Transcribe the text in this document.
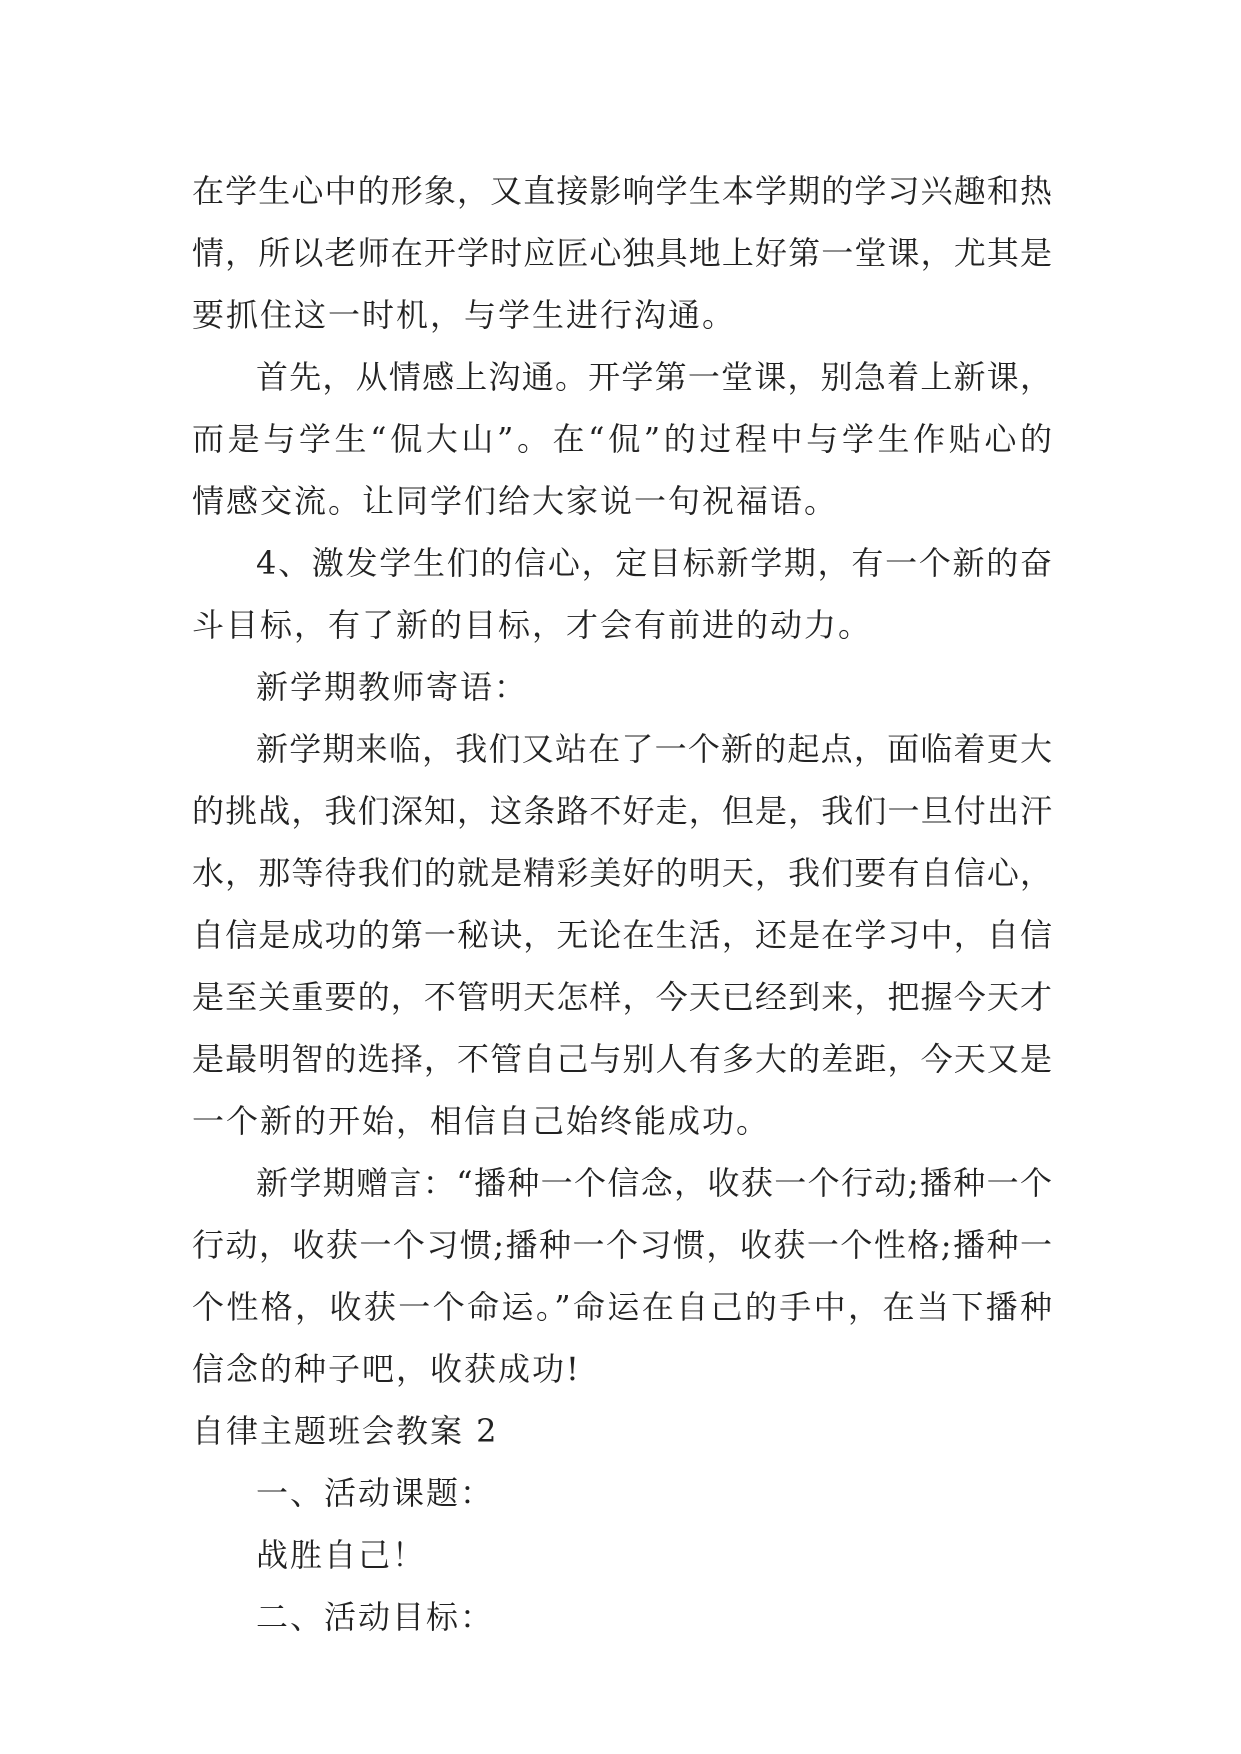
在学生心中的形象，又直接影响学生本学期的学习兴趣和热
情，所以老师在开学时应匠心独具地上好第一堂课，尤其是
要抓住这一时机，与学生进行沟通。
首先，从情感上沟通。开学第一堂课，别急着上新课，
而是与学生“侃大山”。在“侃”的过程中与学生作贴心的
情感交流。让同学们给大家说一句祝福语。
4、激发学生们的信心，定目标新学期，有一个新的奋
斗目标，有了新的目标，才会有前进的动力。
新学期教师寄语：
新学期来临，我们又站在了一个新的起点，面临着更大
的挑战，我们深知，这条路不好走，但是，我们一旦付出汗
水，那等待我们的就是精彩美好的明天，我们要有自信心，
自信是成功的第一秘诀，无论在生活，还是在学习中，自信
是至关重要的，不管明天怎样，今天已经到来，把握今天才
是最明智的选择，不管自己与别人有多大的差距，今天又是
一个新的开始，相信自己始终能成功。
新学期赠言：“播种一个信念，收获一个行动;播种一个
行动，收获一个习惯;播种一个习惯，收获一个性格;播种一
个性格，收获一个命运。”命运在自己的手中，在当下播种
信念的种子吧，收获成功!
自律主题班会教案 2
一、活动课题：
战胜自己！
二、活动目标：
